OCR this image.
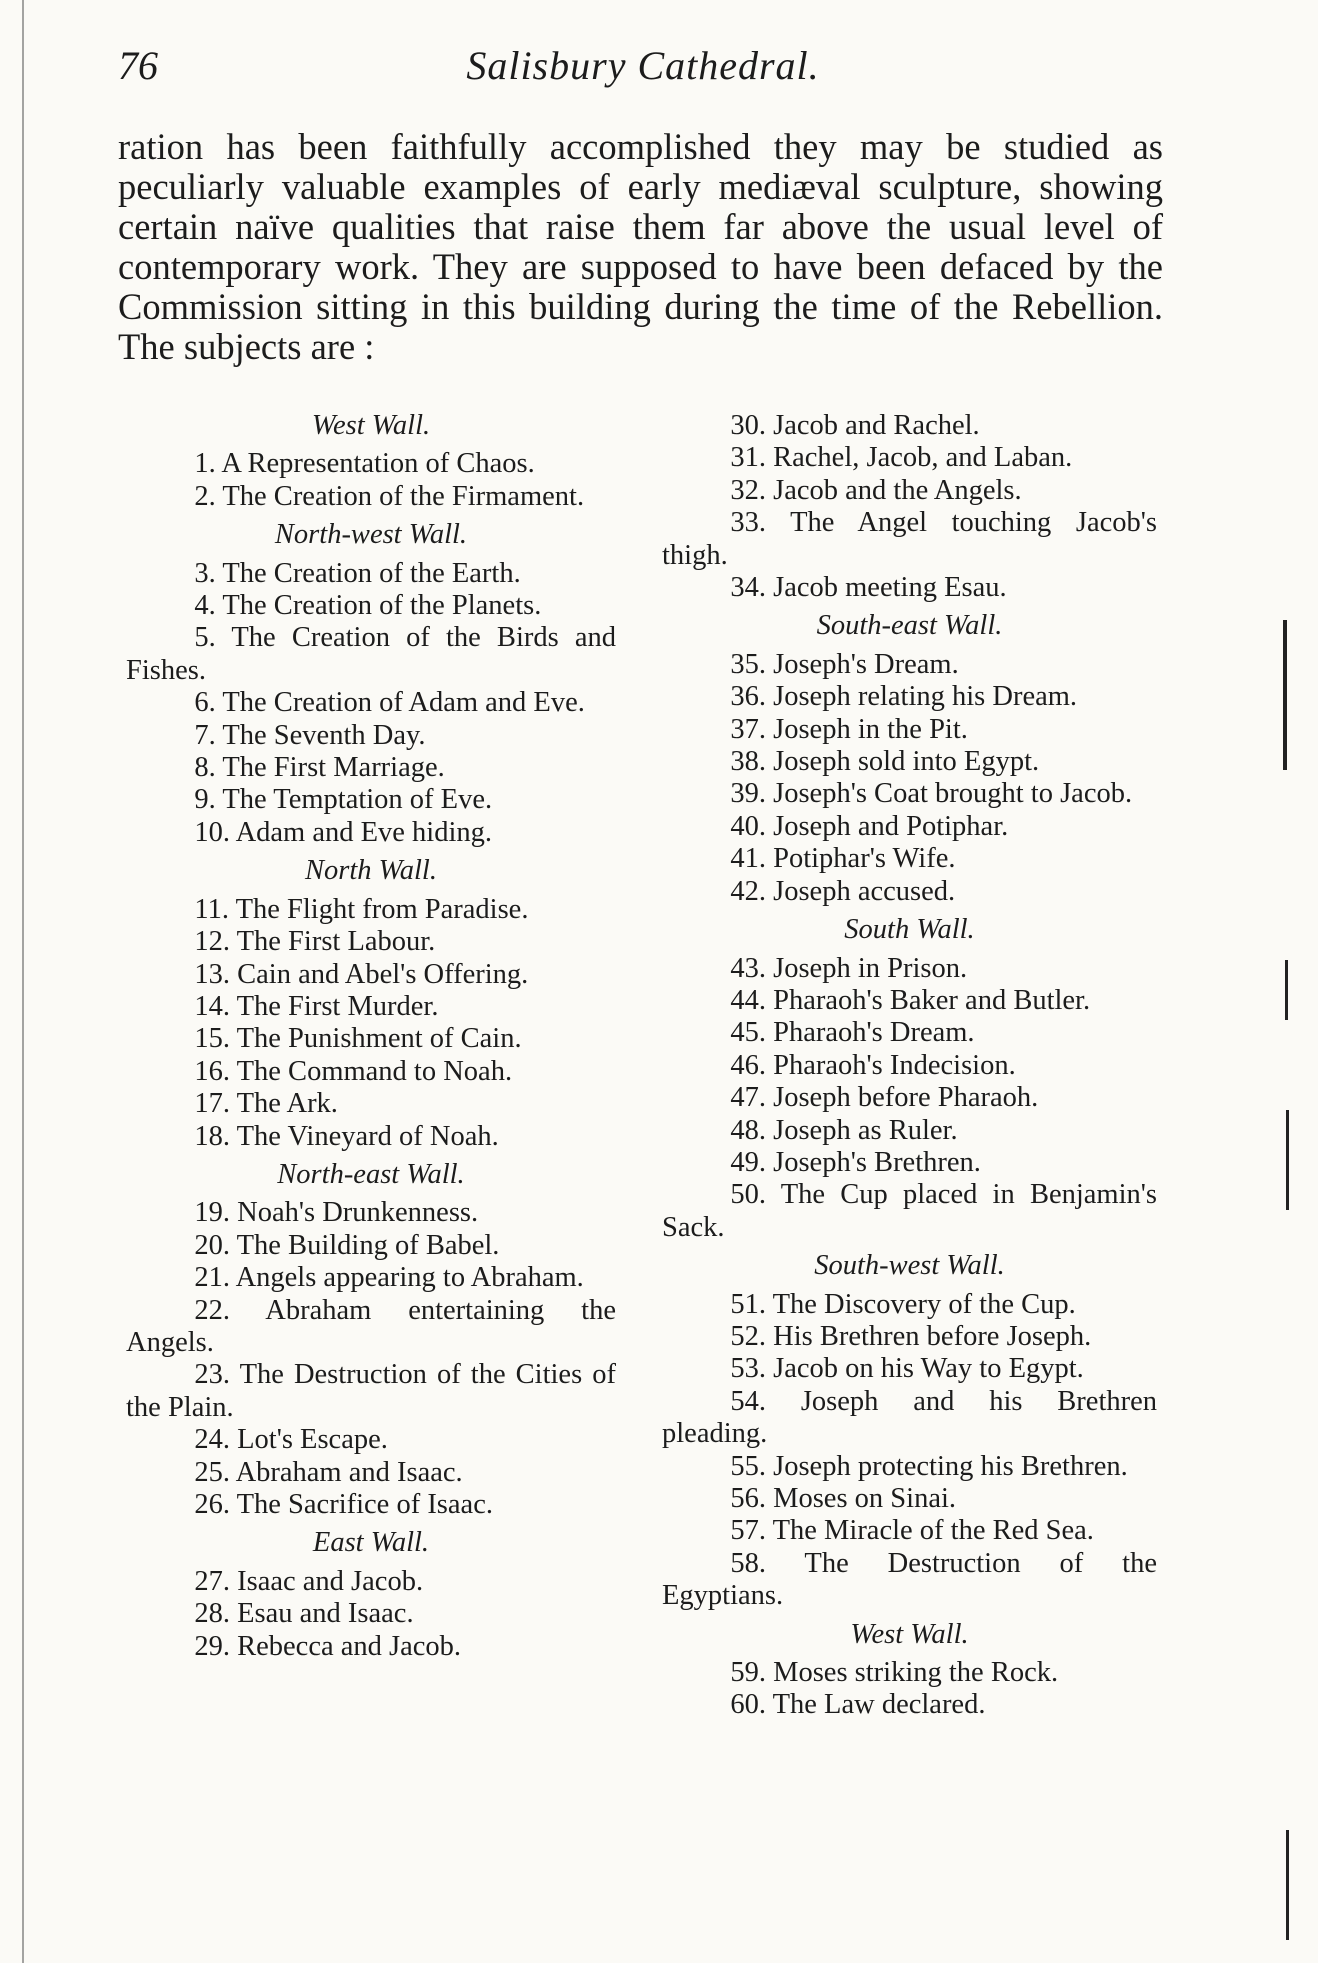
76	Salisbury Cathedral.

ration has been faithfully accomplished they may be studied as peculiarly valuable examples of early mediæval sculpture, showing certain naïve qualities that raise them far above the usual level of contemporary work. They are supposed to have been defaced by the Commission sitting in this building during the time of the Rebellion. The subjects are :

West Wall.
1. A Representation of Chaos.
2. The Creation of the Firmament.
North-west Wall.
3. The Creation of the Earth.
4. The Creation of the Planets.
5. The Creation of the Birds and Fishes.
6. The Creation of Adam and Eve.
7. The Seventh Day.
8. The First Marriage.
9. The Temptation of Eve.
10. Adam and Eve hiding.
North Wall.
11. The Flight from Paradise.
12. The First Labour.
13. Cain and Abel's Offering.
14. The First Murder.
15. The Punishment of Cain.
16. The Command to Noah.
17. The Ark.
18. The Vineyard of Noah.
North-east Wall.
19. Noah's Drunkenness.
20. The Building of Babel.
21. Angels appearing to Abraham.
22. Abraham entertaining the Angels.
23. The Destruction of the Cities of the Plain.
24. Lot's Escape.
25. Abraham and Isaac.
26. The Sacrifice of Isaac.
East Wall.
27. Isaac and Jacob.
28. Esau and Isaac.
29. Rebecca and Jacob.
30. Jacob and Rachel.
31. Rachel, Jacob, and Laban.
32. Jacob and the Angels.
33. The Angel touching Jacob's thigh.
34. Jacob meeting Esau.
South-east Wall.
35. Joseph's Dream.
36. Joseph relating his Dream.
37. Joseph in the Pit.
38. Joseph sold into Egypt.
39. Joseph's Coat brought to Jacob.
40. Joseph and Potiphar.
41. Potiphar's Wife.
42. Joseph accused.
South Wall.
43. Joseph in Prison.
44. Pharaoh's Baker and Butler.
45. Pharaoh's Dream.
46. Pharaoh's Indecision.
47. Joseph before Pharaoh.
48. Joseph as Ruler.
49. Joseph's Brethren.
50. The Cup placed in Benjamin's Sack.
South-west Wall.
51. The Discovery of the Cup.
52. His Brethren before Joseph.
53. Jacob on his Way to Egypt.
54. Joseph and his Brethren pleading.
55. Joseph protecting his Brethren.
56. Moses on Sinai.
57. The Miracle of the Red Sea.
58. The Destruction of the Egyptians.
West Wall.
59. Moses striking the Rock.
60. The Law declared.
